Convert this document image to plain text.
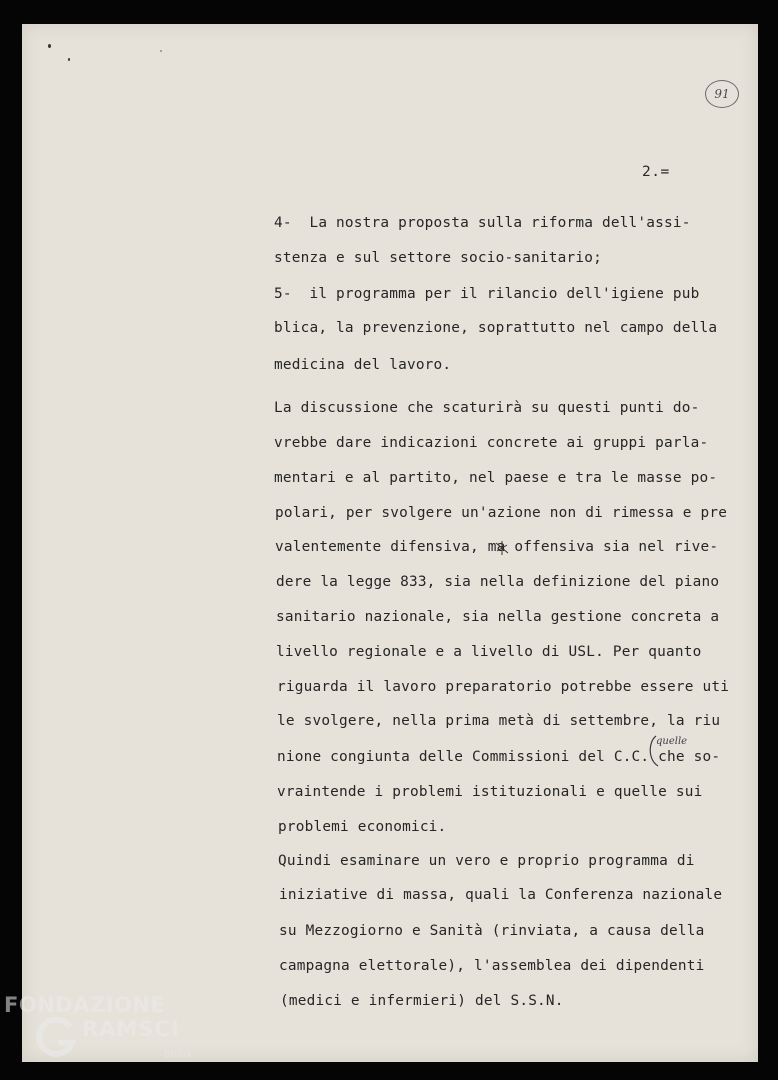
91
2.=
4-  La nostra proposta sulla riforma dell'assi-
stenza e sul settore socio-sanitario;
5-  il programma per il rilancio dell'igiene pub
blica, la prevenzione, soprattutto nel campo della
medicina del lavoro.
La discussione che scaturirà su questi punti do-
vrebbe dare indicazioni concrete ai gruppi parla-
mentari e al partito, nel paese e tra le masse po-
polari, per svolgere un'azione non di rimessa e pre
valentemente difensiva, ma offensiva sia nel rive-
dere la legge 833, sia nella definizione del piano
sanitario nazionale, sia nella gestione concreta a
livello regionale e a livello di USL. Per quanto
riguarda il lavoro preparatorio potrebbe essere uti
le svolgere, nella prima metà di settembre, la riu
nione congiunta delle Commissioni del C.C. che so-
vraintende i problemi istituzionali e quelle sui
problemi economici.
Quindi esaminare un vero e proprio programma di
iniziative di massa, quali la Conferenza nazionale
su Mezzogiorno e Sanità (rinviata, a causa della
campagna elettorale), l'assemblea dei dipendenti
(medici e infermieri) del S.S.N.
quelle
FONDAZIONE
RAMSCI
onlus
